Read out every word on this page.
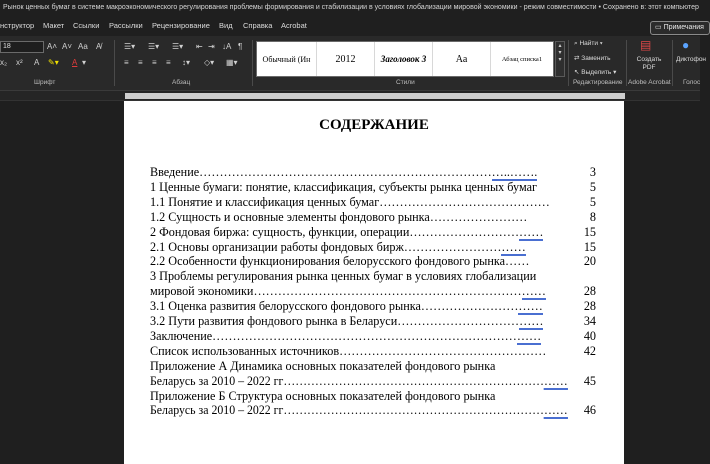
Рынок ценных бумаг в системе макроэкономического регулирования проблемы формирования и стабилизации в условиях глобализации мировой экономики - режим совместимости • Сохранено в: этот компьютер
нструктор Макет Ссылки Рассылки Рецензирование Вид Справка Acrobat	▭ Примечания
18	A˄ A˅ Aa A̸
x₂ x² A ✎▾ A ▾
Шрифт
☰▾ ☰▾ ☰▾ ⇤ ⇥ ↓A ¶
≡ ≡ ≡ ≡ ↕▾ ◇▾ ▦▾
Абзац	Стили
⌕ Найти ▾
⇄ Заменить
↖ Выделить ▾
Редактирование
▤
Создать PDF
Adobe Acrobat
●
Диктофон
Голос
Обычный (Ин	2012	Заголовок 3	Аа	Абзац списка1
▴
▾
▾
СОДЕРЖАНИЕ
Введение…………………………………………………………………..…….	3
1 Ценные бумаги: понятие, классификация, субъекты рынка ценных бумаг	5
1.1 Понятие и классификация ценных бумаг……………………………………	5
1.2 Сущность и основные элементы фондового рынка……………………	8
2 Фондовая биржа: сущность, функции, операции……………………………	15
2.1 Основы организации работы фондовых бирж…………………………	15
2.2 Особенности функционирования белорусского фондового рынка……	20
3 Проблемы регулирования рынка ценных бумаг в условиях глобализации
мировой экономики………………………………………………………………	28
3.1 Оценка развития белорусского фондового рынка…………………………	28
3.2 Пути развития фондового рынка в Беларуси………………………………	34
Заключение………………………………………………………………………	40
Список использованных источников……………………………………………	42
Приложение А Динамика основных показателей фондового рынка
Беларусь за 2010 – 2022 гг………………………………………………………………	45
Приложение Б Структура основных показателей фондового рынка
Беларусь за 2010 – 2022 гг………………………………………………………………	46
